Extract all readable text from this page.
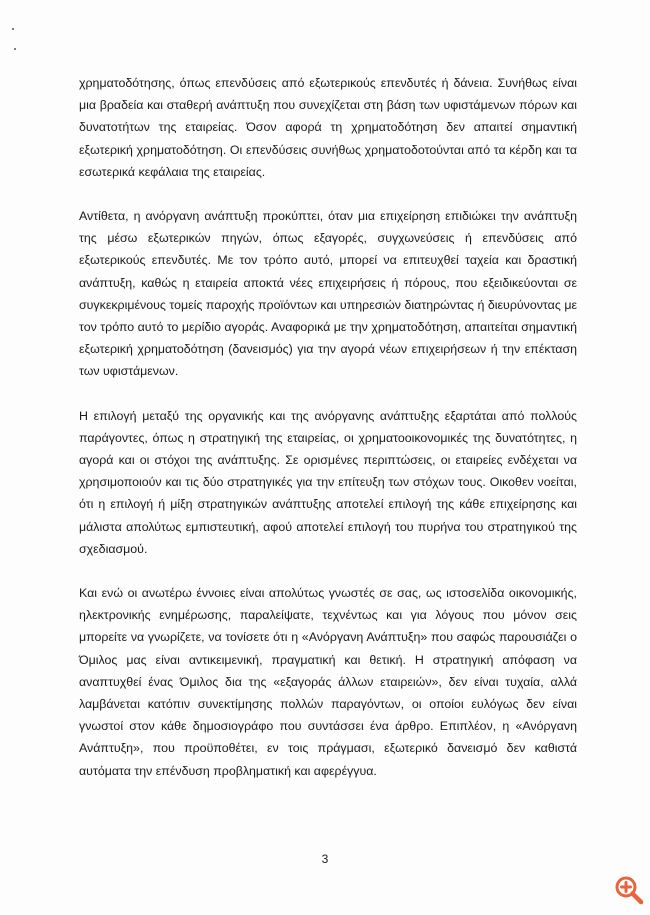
χρηματοδότησης, όπως επενδύσεις από εξωτερικούς επενδυτές ή δάνεια. Συνήθως είναι μια βραδεία και σταθερή ανάπτυξη που συνεχίζεται στη βάση των υφιστάμενων πόρων και δυνατοτήτων της εταιρείας. Όσον αφορά τη χρηματοδότηση δεν απαιτεί σημαντική εξωτερική χρηματοδότηση. Οι επενδύσεις συνήθως χρηματοδοτούνται από τα κέρδη και τα εσωτερικά κεφάλαια της εταιρείας.

Αντίθετα, η ανόργανη ανάπτυξη προκύπτει, όταν μια επιχείρηση επιδιώκει την ανάπτυξη της μέσω εξωτερικών πηγών, όπως εξαγορές, συγχωνεύσεις ή επενδύσεις από εξωτερικούς επενδυτές. Με τον τρόπο αυτό, μπορεί να επιτευχθεί ταχεία και δραστική ανάπτυξη, καθώς η εταιρεία αποκτά νέες επιχειρήσεις ή πόρους, που εξειδικεύονται σε συγκεκριμένους τομείς παροχής προϊόντων και υπηρεσιών διατηρώντας ή διευρύνοντας με τον τρόπο αυτό το μερίδιο αγοράς. Αναφορικά με την χρηματοδότηση, απαιτείται σημαντική εξωτερική χρηματοδότηση (δανεισμός) για την αγορά νέων επιχειρήσεων ή την επέκταση των υφιστάμενων.

Η επιλογή μεταξύ της οργανικής και της ανόργανης ανάπτυξης εξαρτάται από πολλούς παράγοντες, όπως η στρατηγική της εταιρείας, οι χρηματοοικονομικές της δυνατότητες, η αγορά και οι στόχοι της ανάπτυξης. Σε ορισμένες περιπτώσεις, οι εταιρείες ενδέχεται να χρησιμοποιούν και τις δύο στρατηγικές για την επίτευξη των στόχων τους. Οικοθεν νοείται, ότι η επιλογή ή μίξη στρατηγικών ανάπτυξης αποτελεί επιλογή της κάθε επιχείρησης και μάλιστα απολύτως εμπιστευτική, αφού αποτελεί επιλογή του πυρήνα του στρατηγικού της σχεδιασμού.

Και ενώ οι ανωτέρω έννοιες είναι απολύτως γνωστές σε σας, ως ιστοσελίδα οικονομικής, ηλεκτρονικής ενημέρωσης, παραλείψατε, τεχνέντως και για λόγους που μόνον σεις μπορείτε να γνωρίζετε, να τονίσετε ότι η «Ανόργανη Ανάπτυξη» που σαφώς παρουσιάζει ο Όμιλος μας είναι αντικειμενική, πραγματική και θετική. Η στρατηγική απόφαση να αναπτυχθεί ένας Όμιλος δια της «εξαγοράς άλλων εταιρειών», δεν είναι τυχαία, αλλά λαμβάνεται κατόπιν συνεκτίμησης πολλών παραγόντων, οι οποίοι ευλόγως δεν είναι γνωστοί στον κάθε δημοσιογράφο που συντάσσει ένα άρθρο. Επιπλέον, η «Ανόργανη Ανάπτυξη», που προϋποθέτει, εν τοις πράγμασι, εξωτερικό δανεισμό δεν καθιστά αυτόματα την επένδυση προβληματική και αφερέγγυα.

3
